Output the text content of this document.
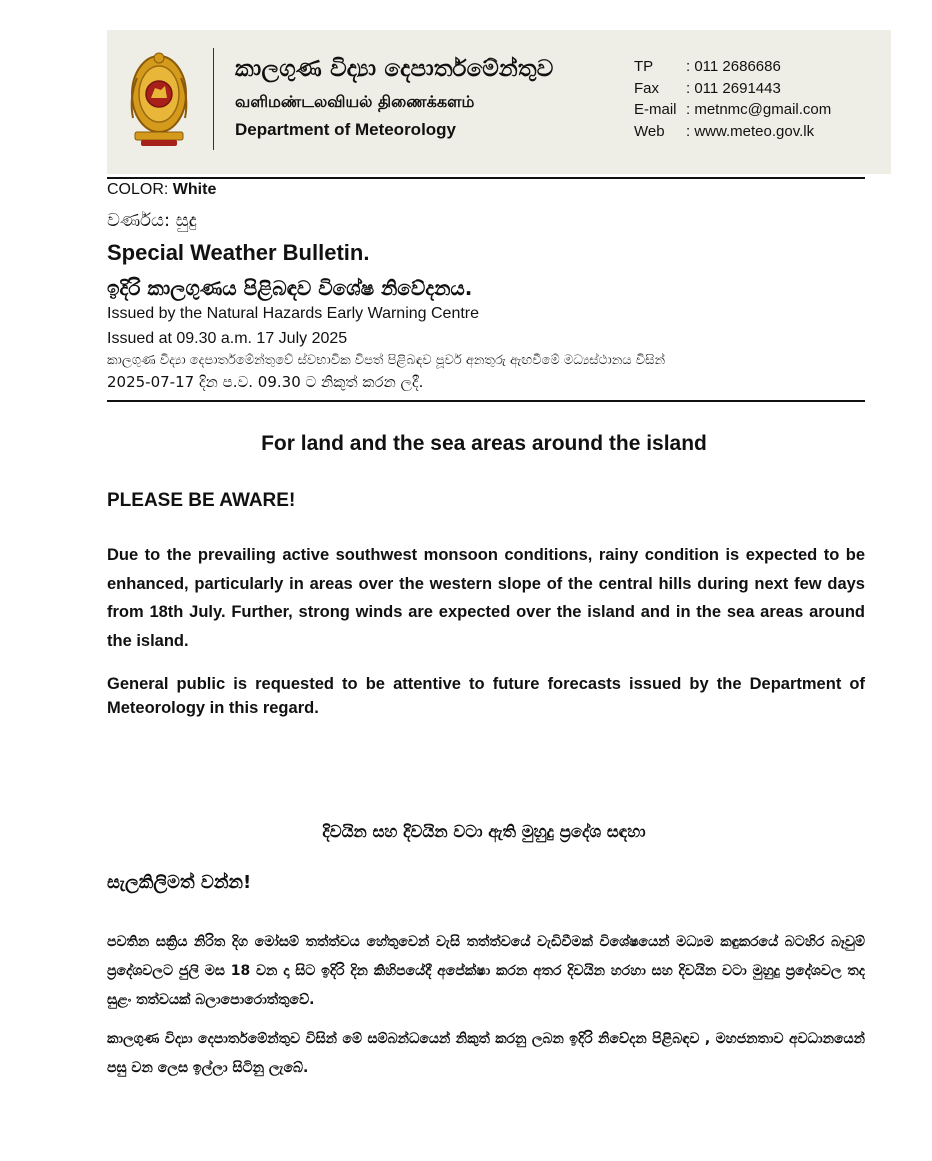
කාලගුණ විද්‍යා දෙපාර්තමේන්තුව
வளிமண்டலவியல் திணைக்களம்
Department of Meteorology
TP	: 011 2686686
Fax	: 011 2691443
E-mail : metnmc@gmail.com
Web	: www.meteo.gov.lk
COLOR: White
වර්ණය: සුදු
Special Weather Bulletin.
ඉදිරි කාලගුණය පිළිබඳව විශේෂ නිවේදනය.
Issued by the Natural Hazards Early Warning Centre
Issued at 09.30 a.m. 17 July 2025
කාලගුණ විද්‍යා දෙපාර්තමේන්තුවේ ස්වභාවික විපත් පිළිබඳව පූර්ව අනතුරු ඇඟවීමේ මධ්‍යස්ථානය විසින්
2025-07-17 දින ප.ව. 09.30 ට නිකුත් කරන ලදී.
For land and the sea areas around the island
PLEASE BE AWARE!
Due to the prevailing active southwest monsoon conditions, rainy condition is expected to be enhanced, particularly in areas over the western slope of the central hills during next few days from 18th July. Further, strong winds are expected over the island and in the sea areas around the island.
General public is requested to be attentive to future forecasts issued by the Department of Meteorology in this regard.
දිවයින සහ දිවයින වටා ඇති මුහුදු ප්‍රදේශ සඳහා
සැලකිලිමත් වන්න!
පවතින සක්‍රිය නිරිත දිග මෝසම් තත්ත්වය හේතුවෙන් වැසි තත්ත්වයේ වැඩිවීමක් විශේෂයෙන් මධ්‍යම කඳුකරයේ බටහිර බෑවුම් ප්‍රදේශවලට ජුලි මස 18 වන දා සිට ඉදිරි දින කිහිපයේදී අපේක්ෂා කරන අතර දිවයින හරහා සහ දිවයින වටා මුහුදු ප්‍රදේශවල තද සුළං තත්වයක් බලාපොරොත්තුවේ.
කාලගුණ විද්‍යා දෙපාර්තමේන්තුව විසින් මේ සම්බන්ධයෙන් නිකුත් කරනු ලබන ඉදිරි නිවේදන පිළිබඳව , මහජනතාව අවධානයෙන් පසු වන ලෙස ඉල්ලා සිටිනු ලැබේ.
